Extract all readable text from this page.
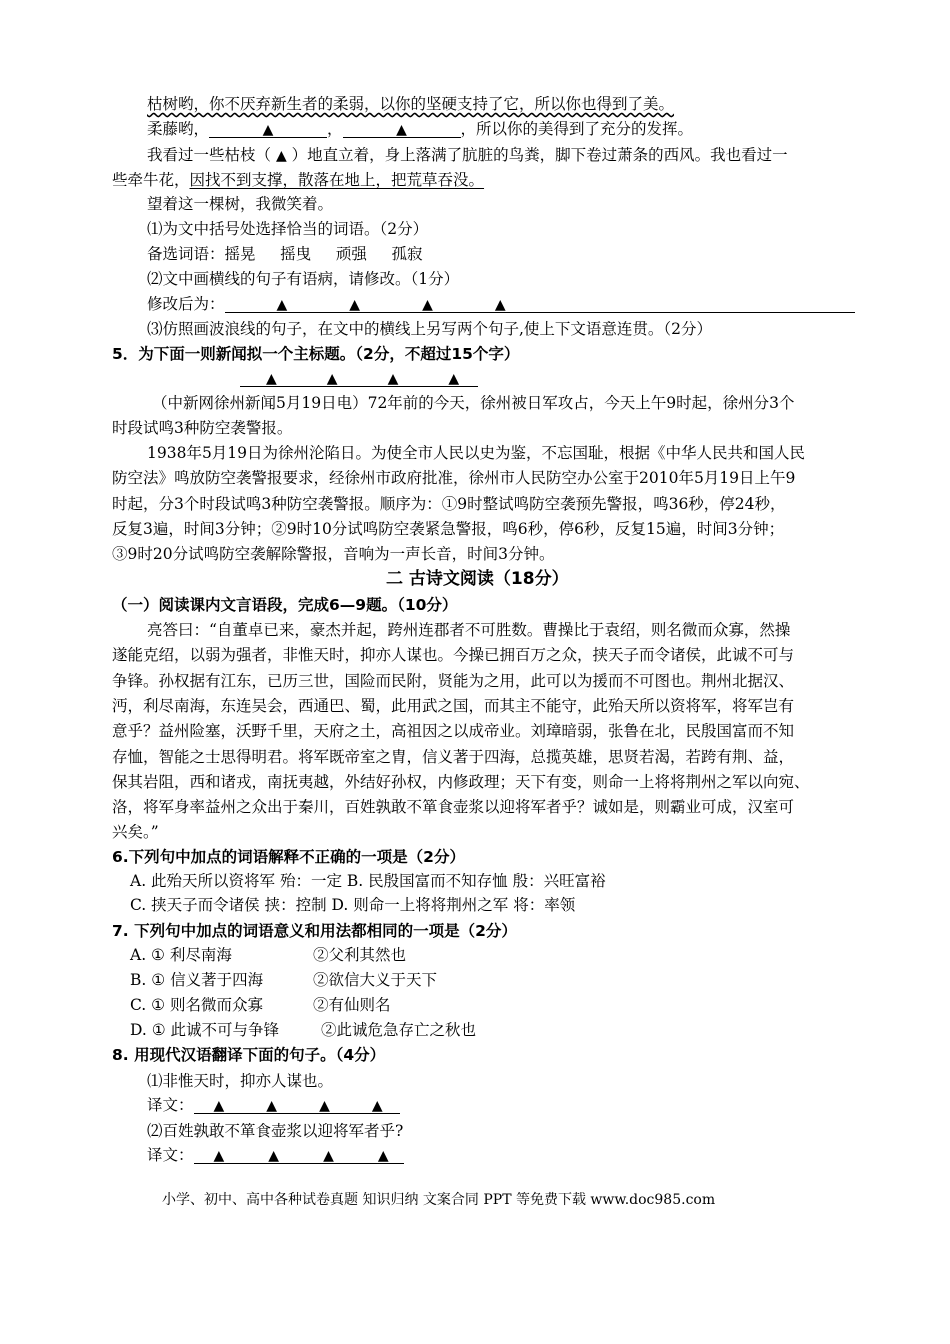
枯树哟，你不厌弃新生者的柔弱，以你的坚硬支持了它，所以你也得到了美。
柔藤哟，	▲	，	▲	，所以你的美得到了充分的发挥。
我看过一些枯枝（ ▲ ）地直立着，身上落满了肮脏的鸟粪，脚下卷过萧条的西风。我也看过一
些牵牛花，因找不到支撑，散落在地上，把荒草吞没。
望着这一棵树，我微笑着。
⑴为文中括号处选择恰当的词语。（2分）
备选词语：摇晃 摇曳 顽强 孤寂
⑵文中画横线的句子有语病，请修改。（1分）
修改后为：	▲	▲	▲	▲
⑶仿照画波浪线的句子，在文中的横线上另写两个句子,使上下文语意连贯。（2分）
5．为下面一则新闻拟一个主标题。（2分，不超过15个字）
▲	▲	▲	▲
（中新网徐州新闻5月19日电）72年前的今天，徐州被日军攻占，今天上午9时起，徐州分3个
时段试鸣3种防空袭警报。
1938年5月19日为徐州沦陷日。为使全市人民以史为鉴，不忘国耻，根据《中华人民共和国人民
防空法》鸣放防空袭警报要求，经徐州市政府批准，徐州市人民防空办公室于2010年5月19日上午9
时起，分3个时段试鸣3种防空袭警报。顺序为：①9时整试鸣防空袭预先警报，鸣36秒，停24秒，
反复3遍，时间3分钟；②9时10分试鸣防空袭紧急警报，鸣6秒，停6秒，反复15遍，时间3分钟；
③9时20分试鸣防空袭解除警报，音响为一声长音，时间3分钟。
二 古诗文阅读（18分）
（一）阅读课内文言语段，完成6—9题。（10分）
亮答曰：“自董卓已来，豪杰并起，跨州连郡者不可胜数。曹操比于袁绍，则名微而众寡，然操
遂能克绍，以弱为强者，非惟天时，抑亦人谋也。今操已拥百万之众，挟天子而令诸侯，此诚不可与
争锋。孙权据有江东，已历三世，国险而民附，贤能为之用，此可以为援而不可图也。荆州北据汉、
沔，利尽南海，东连吴会，西通巴、蜀，此用武之国，而其主不能守，此殆天所以资将军，将军岂有
意乎？益州险塞，沃野千里，天府之土，高祖因之以成帝业。刘璋暗弱，张鲁在北，民殷国富而不知
存恤，智能之士思得明君。将军既帝室之胄，信义著于四海，总揽英雄，思贤若渴，若跨有荆、益，
保其岩阻，西和诸戎，南抚夷越，外结好孙权，内修政理；天下有变，则命一上将将荆州之军以向宛、
洛，将军身率益州之众出于秦川，百姓孰敢不箪食壶浆以迎将军者乎？诚如是，则霸业可成，汉室可
兴矣。”
6.下列句中加点的词语解释不正确的一项是（2分）
A. 此殆天所以资将军 殆：一定 B. 民殷国富而不知存恤 殷：兴旺富裕
C. 挟天子而令诸侯 挟：控制 D. 则命一上将将荆州之军 将：率领
7. 下列句中加点的词语意义和用法都相同的一项是（2分）
A. ① 利尽南海	②父利其然也
B. ① 信义著于四海	②欲信大义于天下
C. ① 则名微而众寡	②有仙则名
D. ① 此诚不可与争锋	②此诚危急存亡之秋也
8. 用现代汉语翻译下面的句子。（4分）
⑴非惟天时，抑亦人谋也。
译文： ▲	▲	▲	▲
⑵百姓孰敢不箪食壶浆以迎将军者乎?
译文： ▲	▲	▲	▲
小学、初中、高中各种试卷真题 知识归纳 文案合同 PPT 等免费下载 www.doc985.com
